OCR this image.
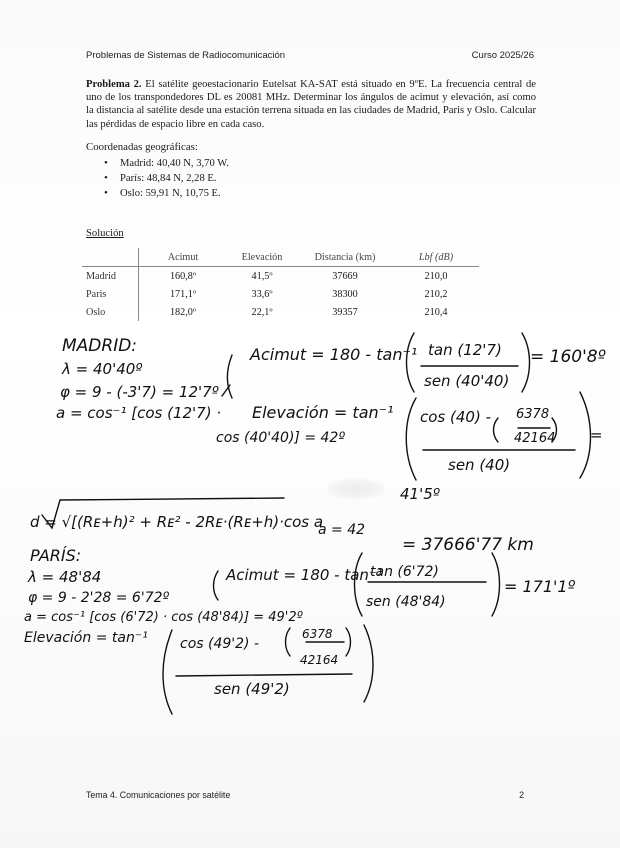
Problemas de Sistemas de Radiocomunicación	Curso 2025/26
Problema 2. El satélite geoestacionario Eutelsat KA-SAT está situado en 9ºE. La frecuencia central de uno de los transpondedores DL es 20081 MHz. Determinar los ángulos de acimut y elevación, así como la distancia al satélite desde una estación terrena situada en las ciudades de Madrid, Paris y Oslo. Calcular las pérdidas de espacio libre en cada caso.
Coordenadas geográficas:
• Madrid: 40,40 N, 3,70 W.
• París: 48,84 N, 2,28 E.
• Oslo: 59,91 N, 10,75 E.
Solución
	Acimut	Elevación	Distancia (km)	Lbf (dB)
Madrid	160,8º	41,5º	37669	210,0
Paris	171,1º	33,6º	38300	210,2
Oslo	182,0º	22,1º	39357	210,4
MADRID:
λ = 40'40º
φ = 9 - (-3'7) = 12'7º
Acimut = 180 - tan⁻¹ tan (12'7)
sen (40'40)
= 160'8º
a = cos⁻¹ [cos (12'7) ·
cos (40'40)] = 42º
Elevación = tan⁻¹ cos (40) - 6378
42164
sen (40)
=
41'5º
d = √[(Rᴇ+h)² + Rᴇ² - 2Rᴇ·(Rᴇ+h)·cos a
a = 42
= 37666'77 km
PARÍS:
λ = 48'84
φ = 9 - 2'28 = 6'72º
Acimut = 180 - tan⁻¹
tan (6'72)
sen (48'84)
= 171'1º
a = cos⁻¹ [cos (6'72) · cos (48'84)] = 49'2º
Elevación = tan⁻¹ cos (49'2) -
6378
42164
sen (49'2)
Tema 4. Comunicaciones por satélite	2
